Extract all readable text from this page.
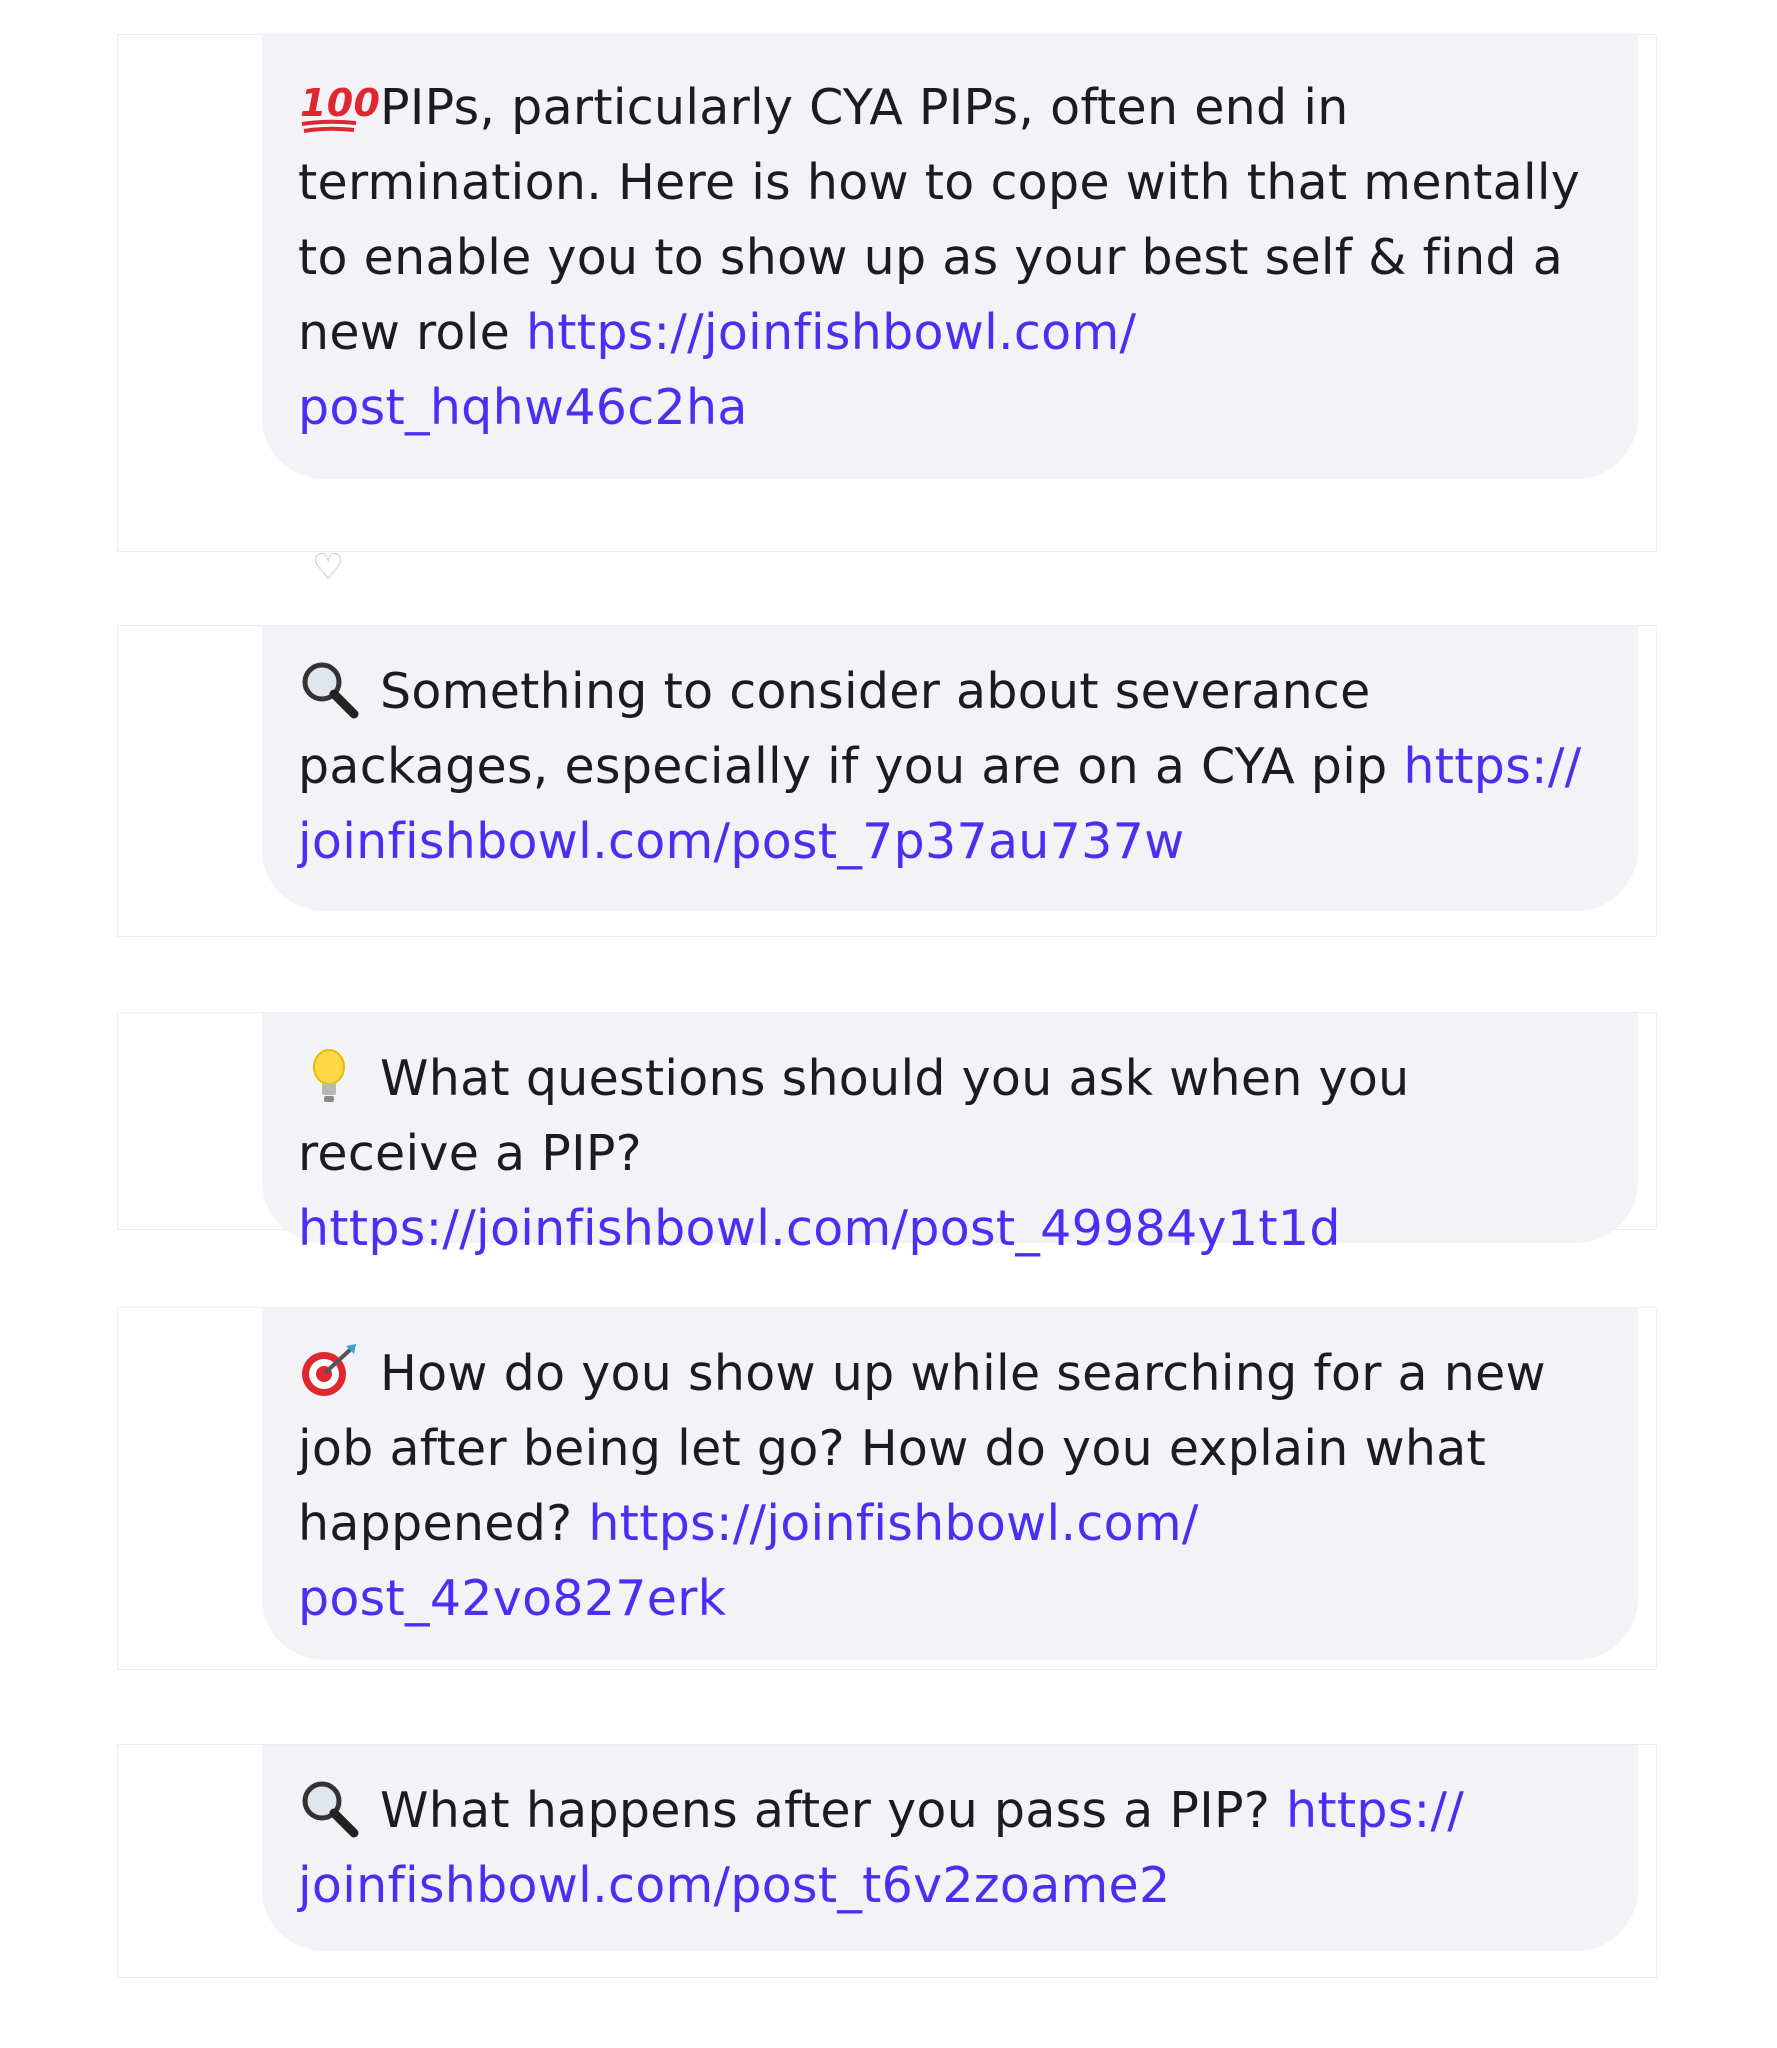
100 PIPs, particularly CYA PIPs, often end in termination. Here is how to cope with that mentally to enable you to show up as your best self & find a new role https://joinfishbowl.com/
post_hqhw46c2ha
♡
Something to consider about severance packages, especially if you are on a CYA pip https://
joinfishbowl.com/post_7p37au737w
What questions should you ask when you receive a PIP? https://joinfishbowl.com/post_49984y1t1d
How do you show up while searching for a new job after being let go? How do you explain what happened? https://joinfishbowl.com/
post_42vo827erk
What happens after you pass a PIP? https://
joinfishbowl.com/post_t6v2zoame2
